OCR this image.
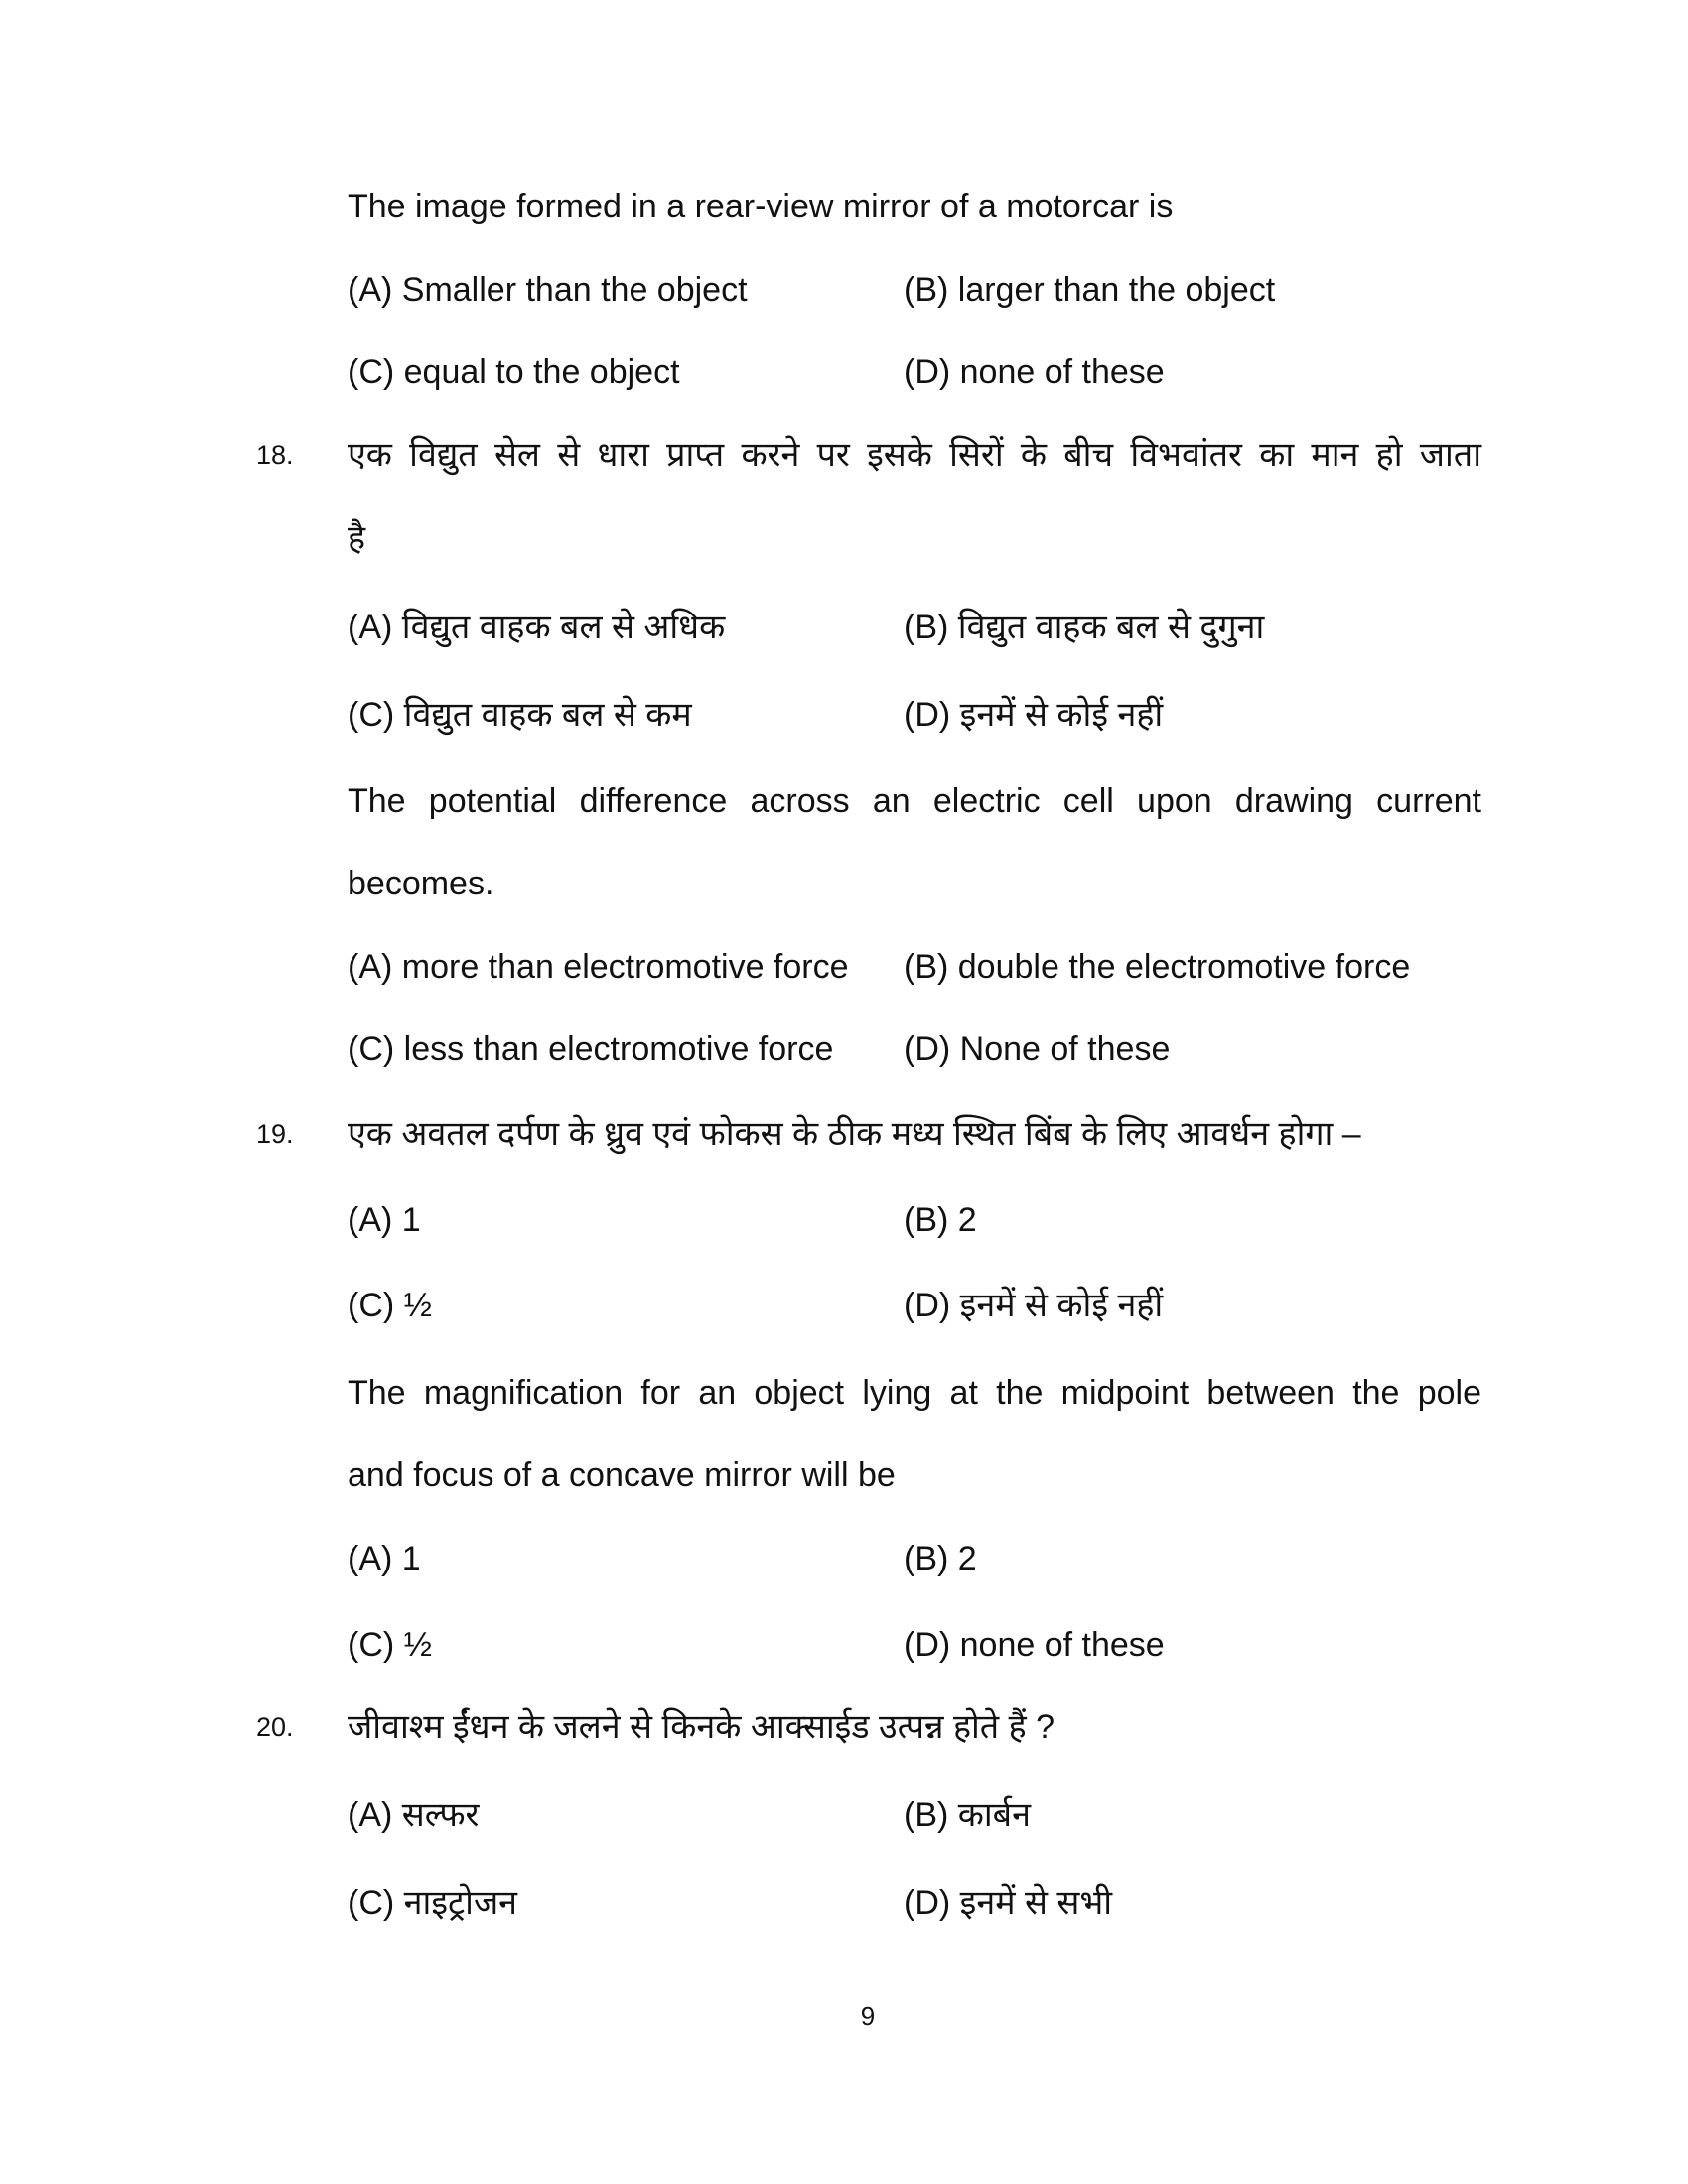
The image formed in a rear-view mirror of a motorcar is
(A) Smaller than the object	(B) larger than the object
(C) equal to the object	(D) none of these
18. एक विद्युत सेल से धारा प्राप्त करने पर इसके सिरों के बीच विभवांतर का मान हो जाता
है
(A) विद्युत वाहक बल से अधिक	(B) विद्युत वाहक बल से दुगुना
(C) विद्युत वाहक बल से कम	(D) इनमें से कोई नहीं
The potential difference across an electric cell upon drawing current
becomes.
(A) more than electromotive force (B) double the electromotive force
(C) less than electromotive force (D) None of these
19. एक अवतल दर्पण के ध्रुव एवं फोकस के ठीक मध्य स्थित बिंब के लिए आवर्धन होगा –
(A) 1	(B) 2
(C) ½	(D) इनमें से कोई नहीं
The magnification for an object lying at the midpoint between the pole
and focus of a concave mirror will be
(A) 1	(B) 2
(C) ½	(D) none of these
20. जीवाश्म ईंधन के जलने से किनके आक्साईड उत्पन्न होते हैं ?
(A) सल्फर	(B) कार्बन
(C) नाइट्रोजन	(D) इनमें से सभी
9
